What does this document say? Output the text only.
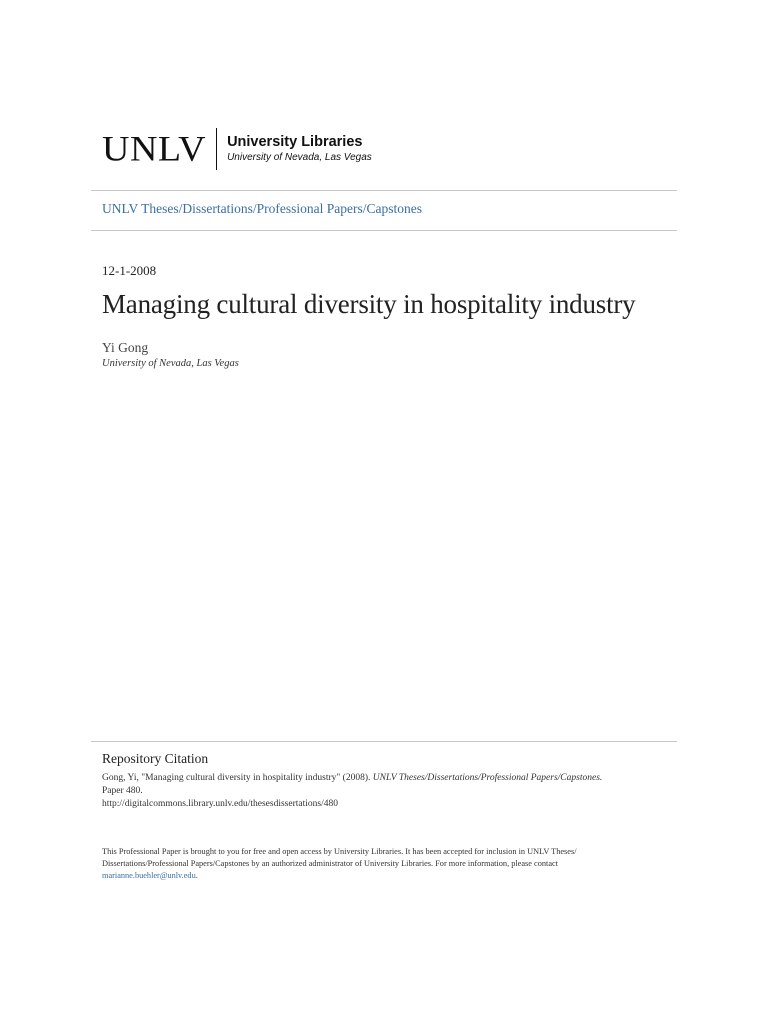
UNLV University Libraries
University of Nevada, Las Vegas
UNLV Theses/Dissertations/Professional Papers/Capstones
12-1-2008
Managing cultural diversity in hospitality industry
Yi Gong
University of Nevada, Las Vegas
Repository Citation
Gong, Yi, "Managing cultural diversity in hospitality industry" (2008). UNLV Theses/Dissertations/Professional Papers/Capstones.
Paper 480.
http://digitalcommons.library.unlv.edu/thesesdissertations/480
This Professional Paper is brought to you for free and open access by University Libraries. It has been accepted for inclusion in UNLV Theses/ Dissertations/Professional Papers/Capstones by an authorized administrator of University Libraries. For more information, please contact
marianne.buehler@unlv.edu.
